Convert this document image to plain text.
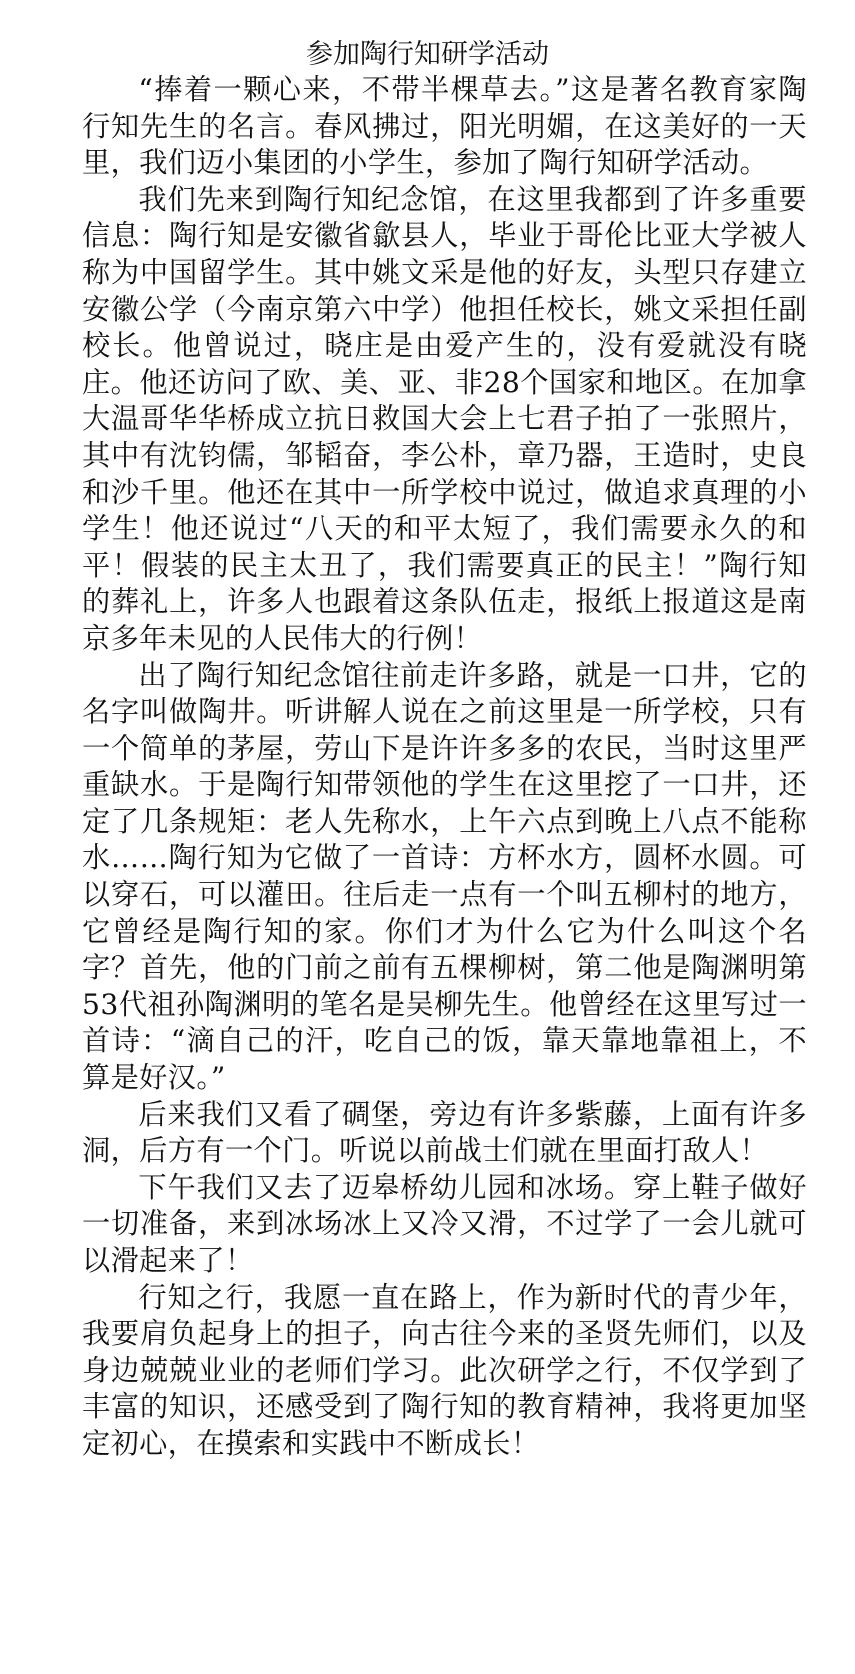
参加陶行知研学活动

“捧着一颗心来，不带半棵草去。”这是著名教育家陶行知先生的名言。春风拂过，阳光明媚，在这美好的一天里，我们迈小集团的小学生，参加了陶行知研学活动。

我们先来到陶行知纪念馆，在这里我都到了许多重要信息：陶行知是安徽省歙县人，毕业于哥伦比亚大学被人称为中国留学生。其中姚文采是他的好友，头型只存建立安徽公学（今南京第六中学）他担任校长，姚文采担任副校长。他曾说过，晓庄是由爱产生的，没有爱就没有晓庄。他还访问了欧、美、亚、非28个国家和地区。在加拿大温哥华华桥成立抗日救国大会上七君子拍了一张照片，其中有沈钧儒，邹韬奋，李公朴，章乃器，王造时，史良和沙千里。他还在其中一所学校中说过，做追求真理的小学生！他还说过“八天的和平太短了，我们需要永久的和平！假装的民主太丑了，我们需要真正的民主！”陶行知的葬礼上，许多人也跟着这条队伍走，报纸上报道这是南京多年未见的人民伟大的行例！

出了陶行知纪念馆往前走许多路，就是一口井，它的名字叫做陶井。听讲解人说在之前这里是一所学校，只有一个简单的茅屋，劳山下是许许多多的农民，当时这里严重缺水。于是陶行知带领他的学生在这里挖了一口井，还定了几条规矩：老人先称水，上午六点到晚上八点不能称水……陶行知为它做了一首诗：方杯水方，圆杯水圆。可以穿石，可以灌田。往后走一点有一个叫五柳村的地方，它曾经是陶行知的家。你们才为什么它为什么叫这个名字？首先，他的门前之前有五棵柳树，第二他是陶渊明第53代祖孙陶渊明的笔名是吴柳先生。他曾经在这里写过一首诗：“滴自己的汗，吃自己的饭，靠天靠地靠祖上，不算是好汉。”

后来我们又看了碉堡，旁边有许多紫藤，上面有许多洞，后方有一个门。听说以前战士们就在里面打敌人！

下午我们又去了迈皋桥幼儿园和冰场。穿上鞋子做好一切准备，来到冰场冰上又冷又滑，不过学了一会儿就可以滑起来了！

行知之行，我愿一直在路上，作为新时代的青少年，我要肩负起身上的担子，向古往今来的圣贤先师们，以及身边兢兢业业的老师们学习。此次研学之行，不仅学到了丰富的知识，还感受到了陶行知的教育精神，我将更加坚定初心，在摸索和实践中不断成长！
